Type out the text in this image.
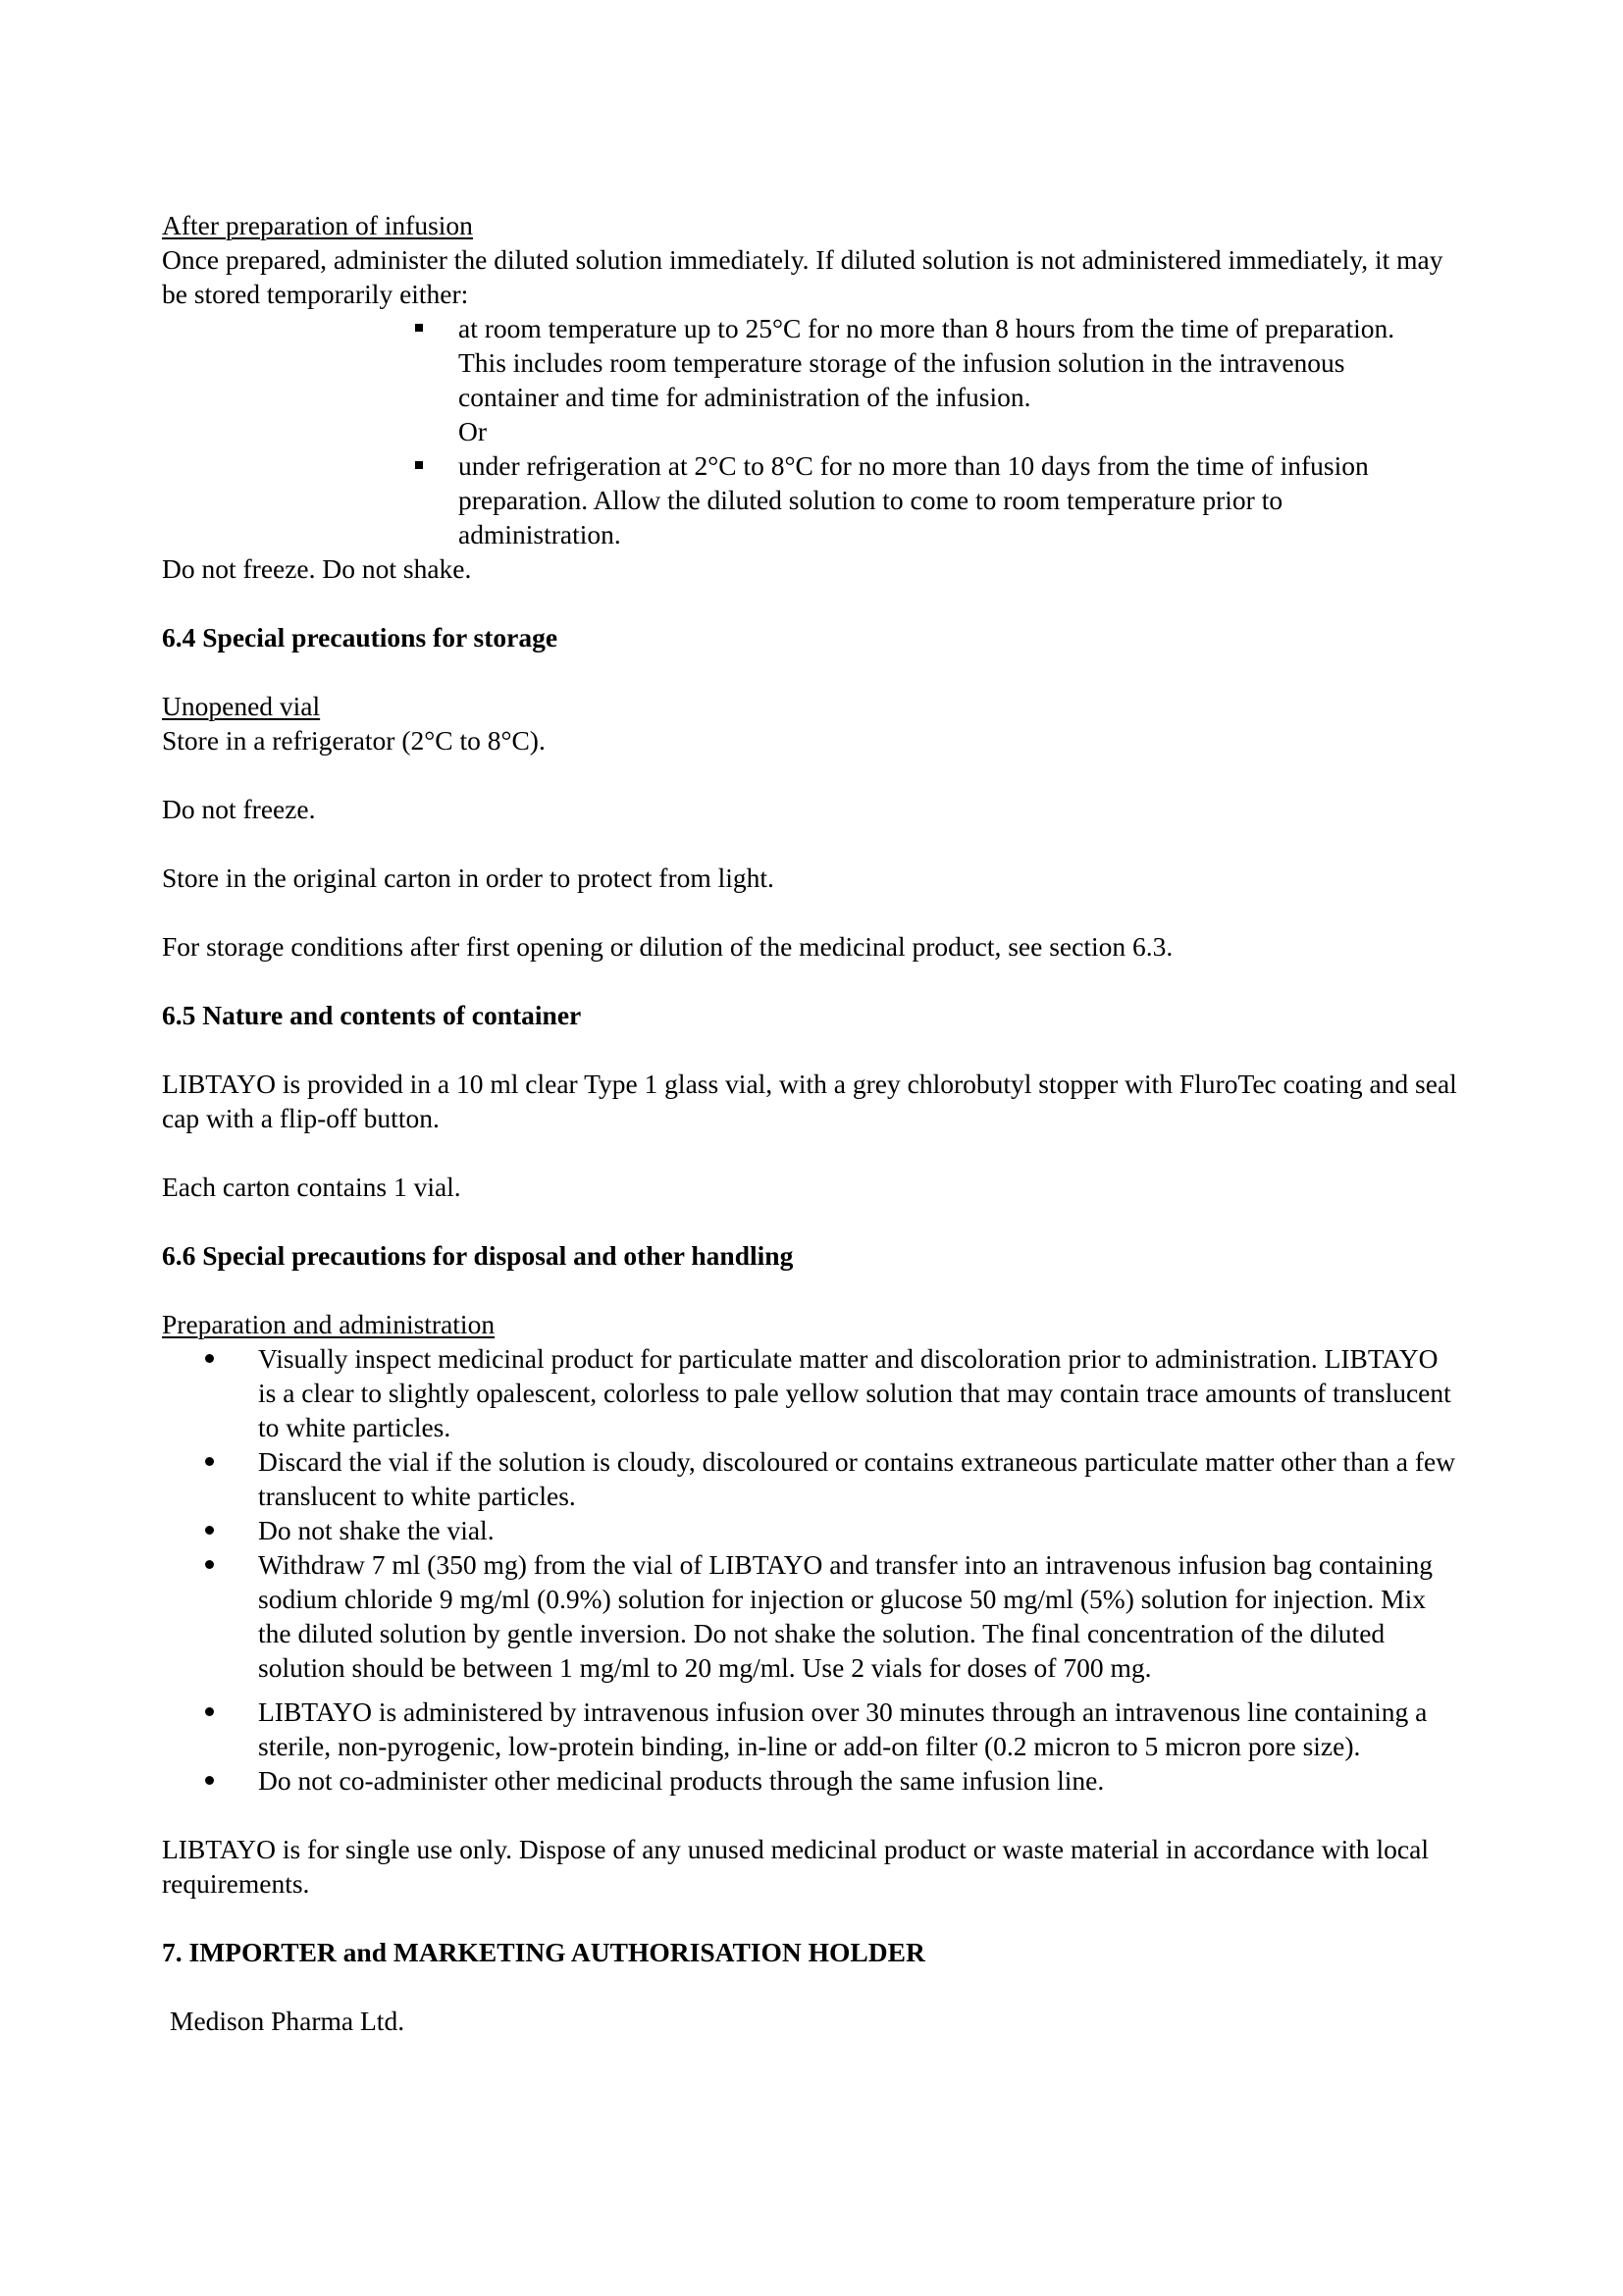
After preparation of infusion

Once prepared, administer the diluted solution immediately. If diluted solution is not administered immediately, it may be stored temporarily either:

at room temperature up to 25°C for no more than 8 hours from the time of preparation. This includes room temperature storage of the infusion solution in the intravenous container and time for administration of the infusion.
Or
under refrigeration at 2°C to 8°C for no more than 10 days from the time of infusion preparation. Allow the diluted solution to come to room temperature prior to administration.

Do not freeze. Do not shake.

6.4 Special precautions for storage

Unopened vial

Store in a refrigerator (2°C to 8°C).

Do not freeze.

Store in the original carton in order to protect from light.

For storage conditions after first opening or dilution of the medicinal product, see section 6.3.

6.5 Nature and contents of container

LIBTAYO is provided in a 10 ml clear Type 1 glass vial, with a grey chlorobutyl stopper with FluroTec coating and seal cap with a flip-off button.

Each carton contains 1 vial.

6.6 Special precautions for disposal and other handling

Preparation and administration

Visually inspect medicinal product for particulate matter and discoloration prior to administration. LIBTAYO is a clear to slightly opalescent, colorless to pale yellow solution that may contain trace amounts of translucent to white particles.
Discard the vial if the solution is cloudy, discoloured or contains extraneous particulate matter other than a few translucent to white particles.
Do not shake the vial.
Withdraw 7 ml (350 mg) from the vial of LIBTAYO and transfer into an intravenous infusion bag containing sodium chloride 9 mg/ml (0.9%) solution for injection or glucose 50 mg/ml (5%) solution for injection. Mix the diluted solution by gentle inversion. Do not shake the solution. The final concentration of the diluted solution should be between 1 mg/ml to 20 mg/ml. Use 2 vials for doses of 700 mg.
LIBTAYO is administered by intravenous infusion over 30 minutes through an intravenous line containing a sterile, non-pyrogenic, low-protein binding, in-line or add-on filter (0.2 micron to 5 micron pore size).
Do not co-administer other medicinal products through the same infusion line.

LIBTAYO is for single use only. Dispose of any unused medicinal product or waste material in accordance with local requirements.

7. IMPORTER and MARKETING AUTHORISATION HOLDER

Medison Pharma Ltd.
